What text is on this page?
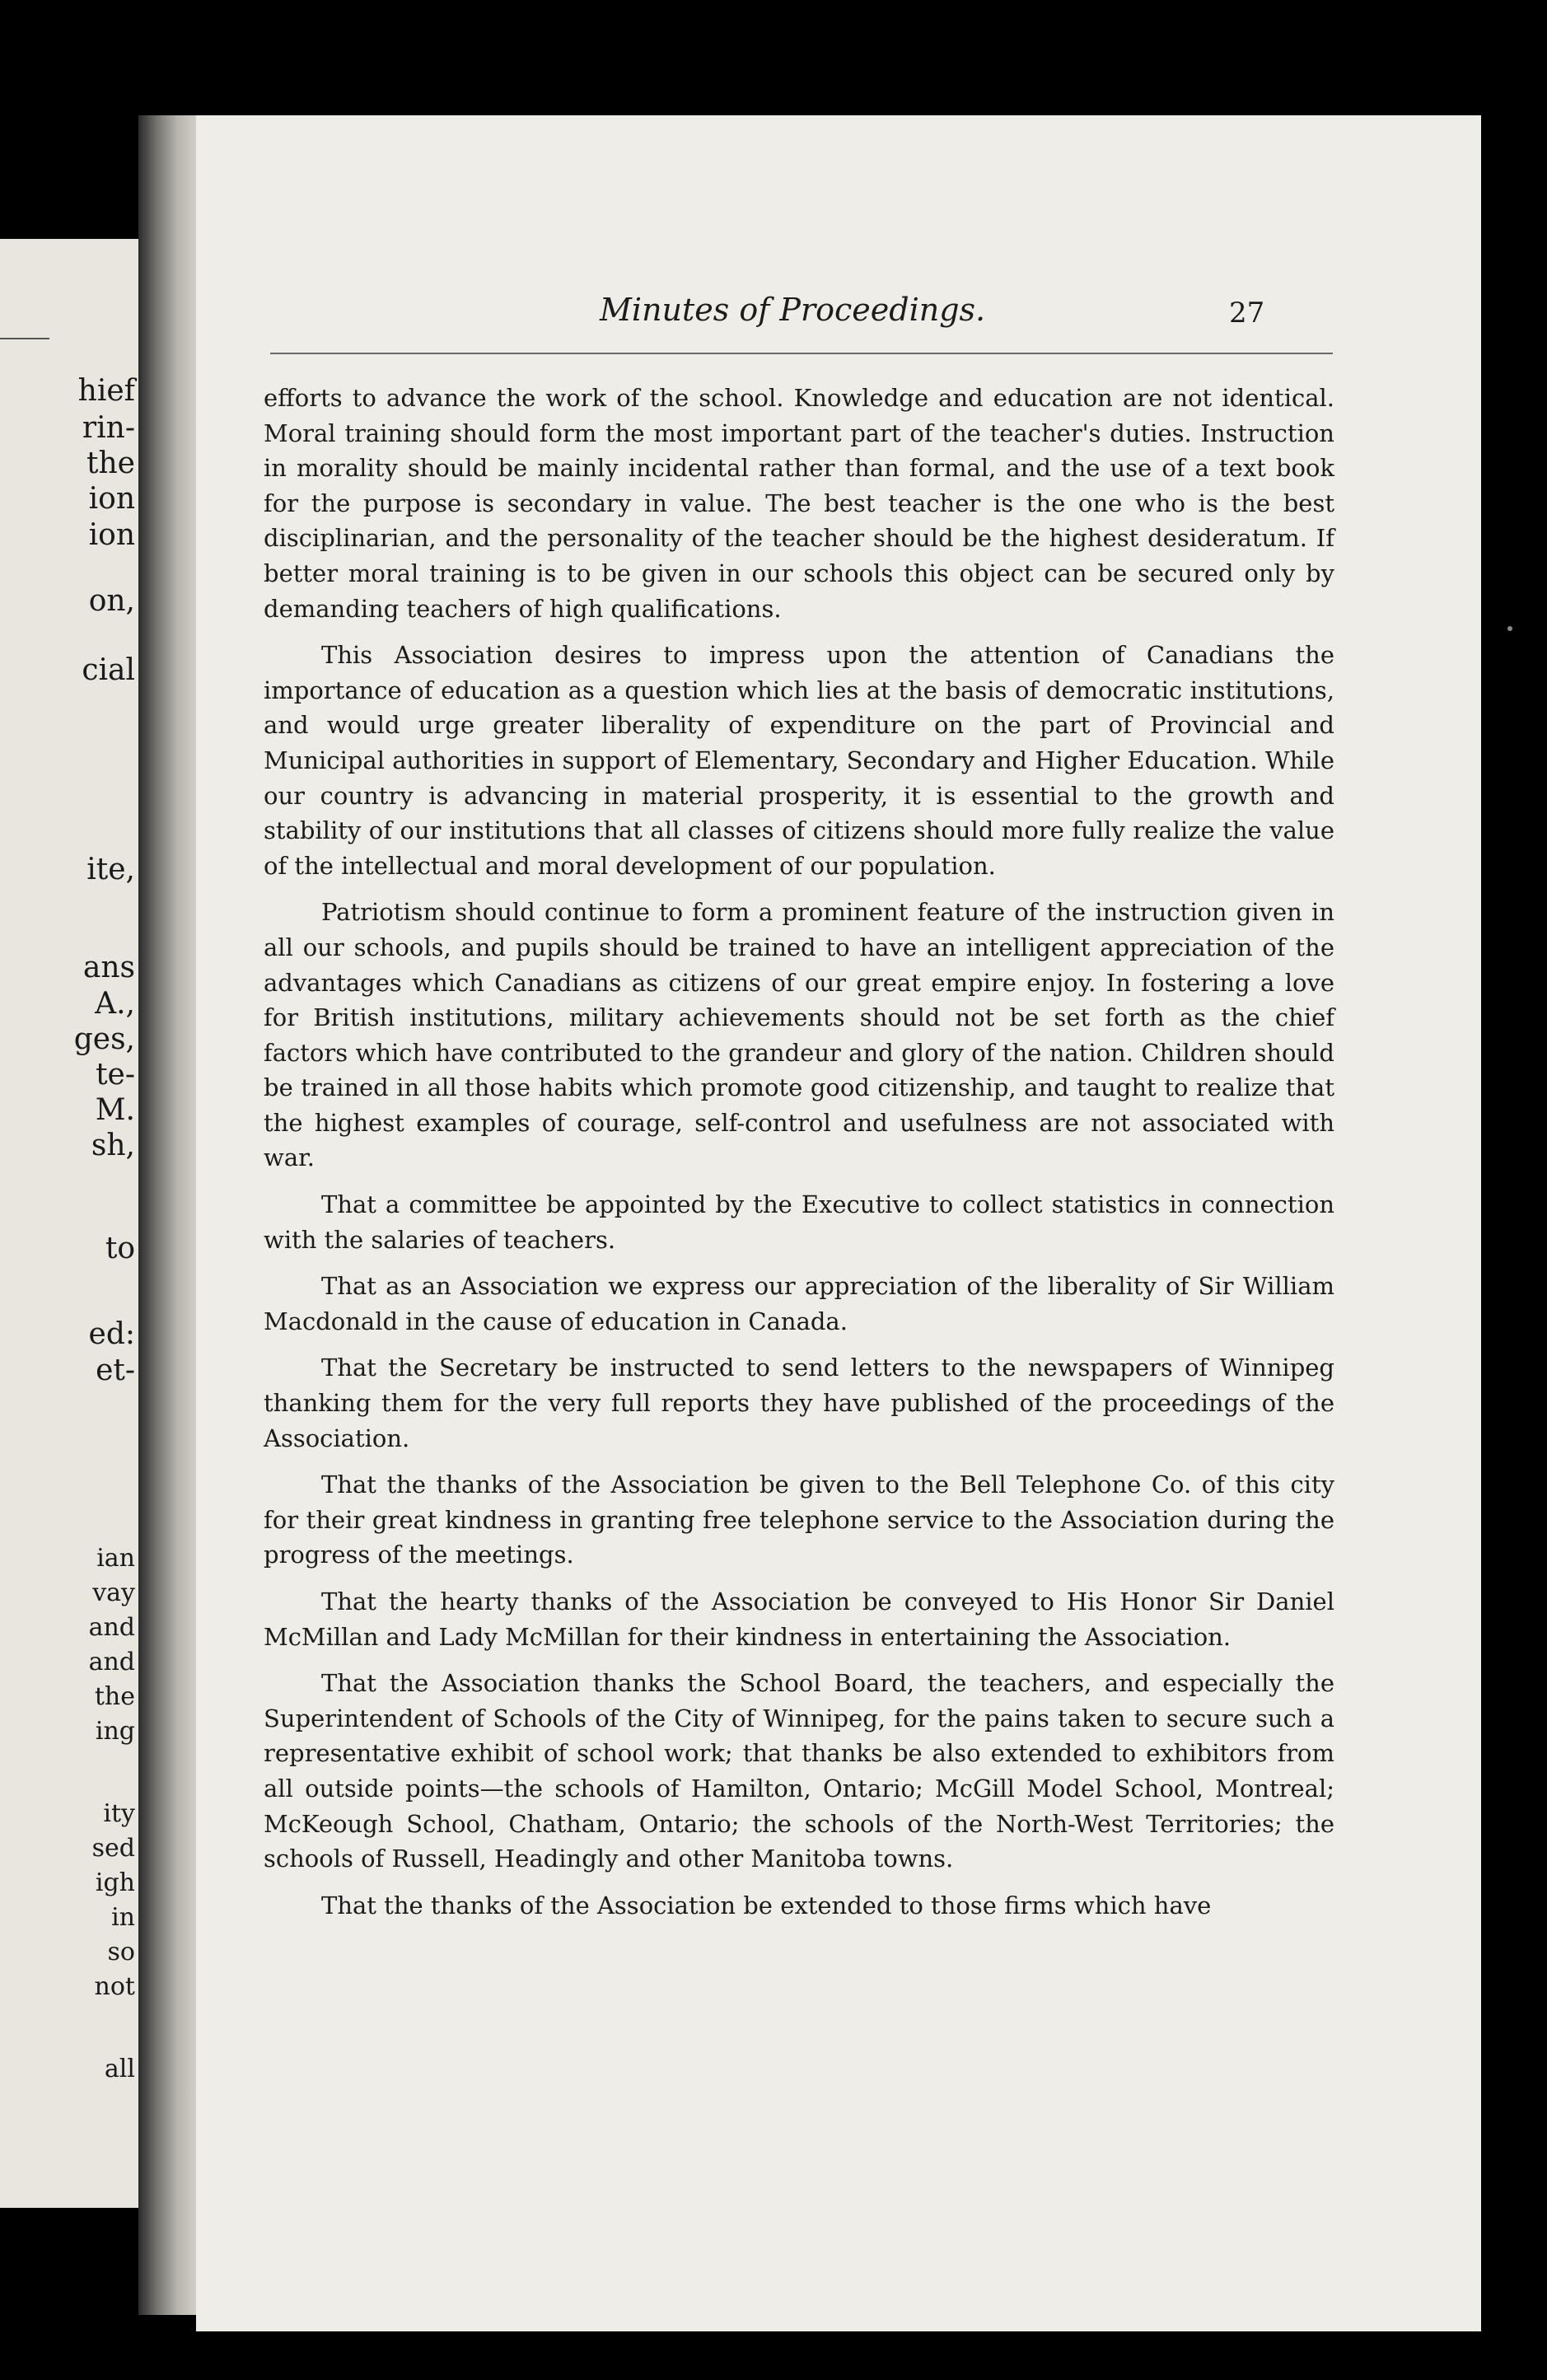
hief
rin-
the
ion
ion
on,
cial
ite,
ans
A.,
ges,
te-
M.
sh,
to
ed:
et-
ian
vay
and
and
the
ing
ity
sed
igh
in
so
not
all
Minutes of Proceedings.	27

efforts to advance the work of the school. Knowledge and education are not identical. Moral training should form the most important part of the teacher's duties. Instruction in morality should be mainly incidental rather than formal, and the use of a text book for the purpose is secondary in value. The best teacher is the one who is the best disciplinarian, and the personality of the teacher should be the highest desideratum. If better moral training is to be given in our schools this object can be secured only by demanding teachers of high qualifications.

This Association desires to impress upon the attention of Canadians the importance of education as a question which lies at the basis of democratic institutions, and would urge greater liberality of expenditure on the part of Provincial and Municipal authorities in support of Elementary, Secondary and Higher Education. While our country is advancing in material prosperity, it is essential to the growth and stability of our institutions that all classes of citizens should more fully realize the value of the intellectual and moral development of our population.

Patriotism should continue to form a prominent feature of the instruction given in all our schools, and pupils should be trained to have an intelligent appreciation of the advantages which Canadians as citizens of our great empire enjoy. In fostering a love for British institutions, military achievements should not be set forth as the chief factors which have contributed to the grandeur and glory of the nation. Children should be trained in all those habits which promote good citizenship, and taught to realize that the highest examples of courage, self-control and usefulness are not associated with war.

That a committee be appointed by the Executive to collect statistics in connection with the salaries of teachers.

That as an Association we express our appreciation of the liberality of Sir William Macdonald in the cause of education in Canada.

That the Secretary be instructed to send letters to the newspapers of Winnipeg thanking them for the very full reports they have published of the proceedings of the Association.

That the thanks of the Association be given to the Bell Telephone Co. of this city for their great kindness in granting free telephone service to the Association during the progress of the meetings.

That the hearty thanks of the Association be conveyed to His Honor Sir Daniel McMillan and Lady McMillan for their kindness in entertaining the Association.

That the Association thanks the School Board, the teachers, and especially the Superintendent of Schools of the City of Winnipeg, for the pains taken to secure such a representative exhibit of school work; that thanks be also extended to exhibitors from all outside points—the schools of Hamilton, Ontario; McGill Model School, Montreal; McKeough School, Chatham, Ontario; the schools of the North-West Territories; the schools of Russell, Headingly and other Manitoba towns.

That the thanks of the Association be extended to those firms which have
